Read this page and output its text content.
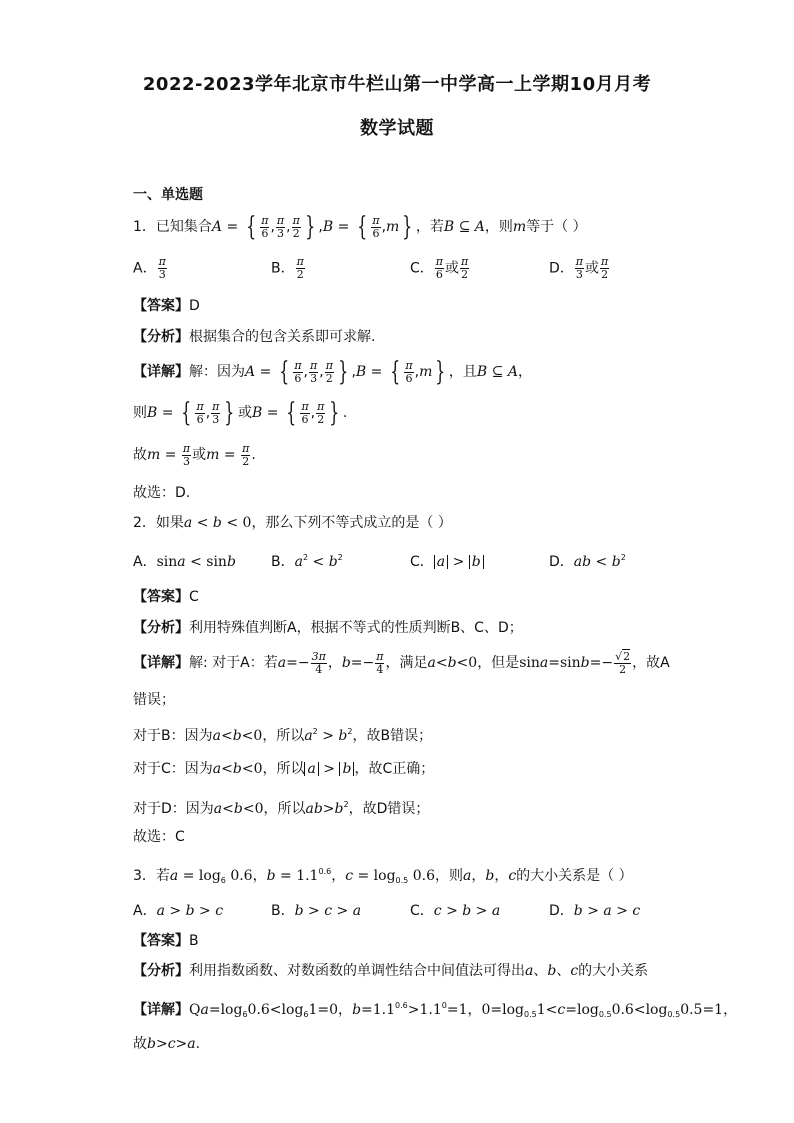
2022-2023学年北京市牛栏山第一中学高一上学期10月月考
数学试题
一、单选题
1．已知集合A = { $\frac{\pi}{6}$ , $\frac{\pi}{3}$ , $\frac{\pi}{2}$ } ,B = { $\frac{\pi}{6} ,m$ } ，若B ⊆ A，则m等于（ ）
A． $\frac{\pi}{3}$	B． $\frac{\pi}{2}$	C． $\frac{\pi}{6}$ 或 $\frac{\pi}{2}$	D． $\frac{\pi}{3}$ 或 $\frac{\pi}{2}$
【答案】D
【分析】根据集合的包含关系即可求解.
【详解】解：因为A = { $\frac{\pi}{6}$ , $\frac{\pi}{3}$ , $\frac{\pi}{2}$ } ,B = { $\frac{\pi}{6} ,m$ } ，且B ⊆ A，
则B = { $\frac{\pi}{6}$ , $\frac{\pi}{3}$ } 或B = { $\frac{\pi}{6}$ , $\frac{\pi}{2}$ } .
故$m = \frac{\pi}{3}$ 或$m = \frac{\pi}{2}$ .
故选：D.
2．如果a < b < 0，那么下列不等式成立的是（ ）
A．sina < sinb	B．$a^2 < b^2$	C． a > b	D．ab < $b^2$
【答案】C
【分析】利用特殊值判断A，根据不等式的性质判断B、C、D；
【详解】解: 对于A：若$a=- \frac{3\pi}{4}$ ，$b=- \frac{\pi}{4}$ ，满足a<b<0，但是$\sin a=\sin b=- \frac{√2}{2}$ ，故A
错误；
对于B：因为a<b<0，所以$a^2 > b^2$，故B错误；
对于C：因为a<b<0，所以 a > b ，故C正确；
对于D：因为a<b<0，所以$ab>b^2$，故D错误；
故选：C
3．若$a = \log_6 0.6$，$b = 1.1^{0.6}$，$c = \log_{0.5} 0.6$，则a，b，c的大小关系是（ ）
A．a > b > c	B．b > c > a	C．c > b > a	D．b > a > c
【答案】B
【分析】利用指数函数、对数函数的单调性结合中间值法可得出a、b、c的大小关系
【详解】$Qa=\log_60.6<\log_61=0$，$b=1.1^{0.6}>1.1^0=1$，$0=\log_{0.5}1<c=\log_{0.5}0.6<\log_{0.5}0.5=1$，
故b>c>a.
